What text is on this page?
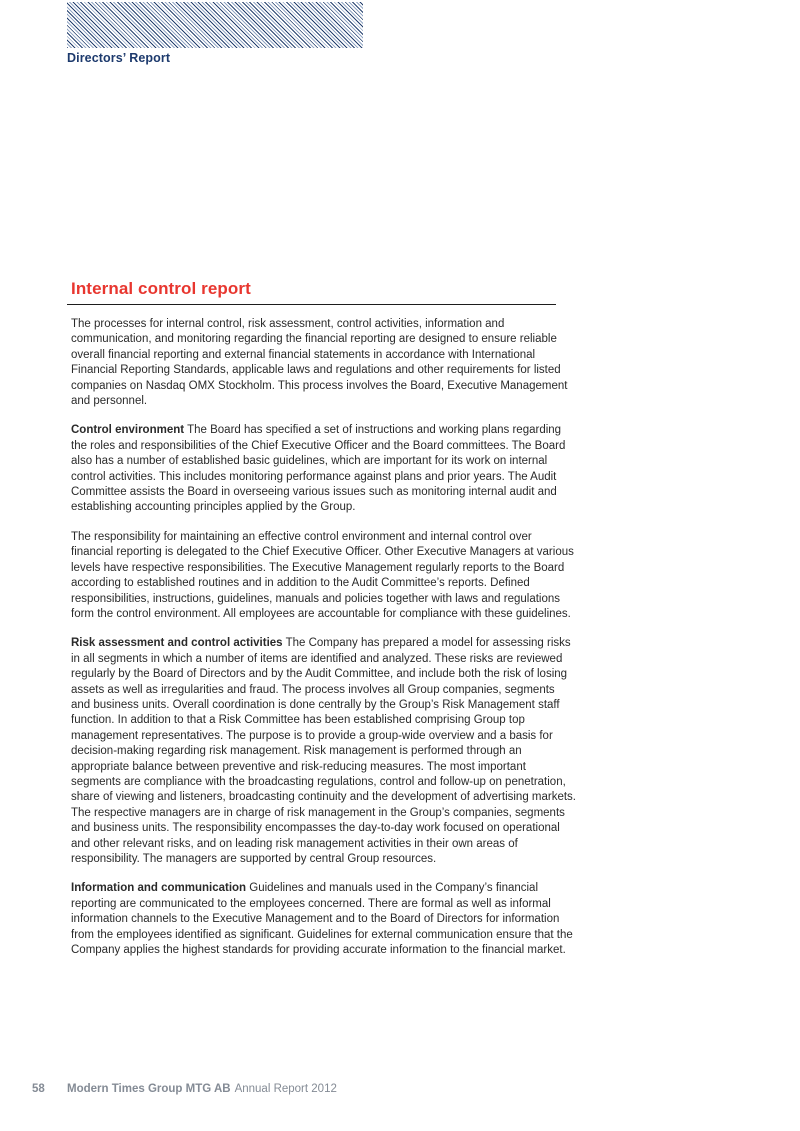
Directors’ Report
Internal control report

The processes for internal control, risk assessment, control activities, information and communication, and monitoring regarding the financial reporting are designed to ensure reliable overall financial reporting and external financial statements in accordance with International Financial Reporting Standards, applicable laws and regulations and other requirements for listed companies on Nasdaq OMX Stockholm. This process involves the Board, Executive Management and personnel.

Control environment The Board has specified a set of instructions and working plans regarding the roles and responsibilities of the Chief Executive Officer and the Board committees. The Board also has a number of established basic guidelines, which are important for its work on internal control activities. This includes monitoring performance against plans and prior years. The Audit Committee assists the Board in overseeing various issues such as monitoring internal audit and establishing accounting principles applied by the Group.

The responsibility for maintaining an effective control environment and internal control over financial reporting is delegated to the Chief Executive Officer. Other Executive Managers at various levels have respective responsibilities. The Executive Management regularly reports to the Board according to established routines and in addition to the Audit Committee’s reports. Defined responsibilities, instructions, guidelines, manuals and policies together with laws and regulations form the control environment. All employees are accountable for compliance with these guidelines.

Risk assessment and control activities The Company has prepared a model for assessing risks in all segments in which a number of items are identified and analyzed. These risks are reviewed regularly by the Board of Directors and by the Audit Committee, and include both the risk of losing assets as well as irregularities and fraud. The process involves all Group companies, segments and business units. Overall coordination is done centrally by the Group’s Risk Management staff function. In addition to that a Risk Committee has been established comprising Group top management representatives. The purpose is to provide a group-wide overview and a basis for decision-making regarding risk management. Risk management is performed through an appropriate balance between preventive and risk-reducing measures. The most important segments are compliance with the broadcasting regulations, control and follow-up on penetration, share of viewing and listeners, broadcasting continuity and the development of advertising markets. The respective managers are in charge of risk management in the Group’s companies, segments and business units. The responsibility encompasses the day-to-day work focused on operational and other relevant risks, and on leading risk management activities in their own areas of responsibility. The managers are supported by central Group resources.

Information and communication Guidelines and manuals used in the Company’s financial reporting are communicated to the employees concerned. There are formal as well as informal information channels to the Executive Management and to the Board of Directors for information from the employees identified as significant. Guidelines for external communication ensure that the Company applies the highest standards for providing accurate information to the financial market.

58 Modern Times Group MTG AB Annual Report 2012
